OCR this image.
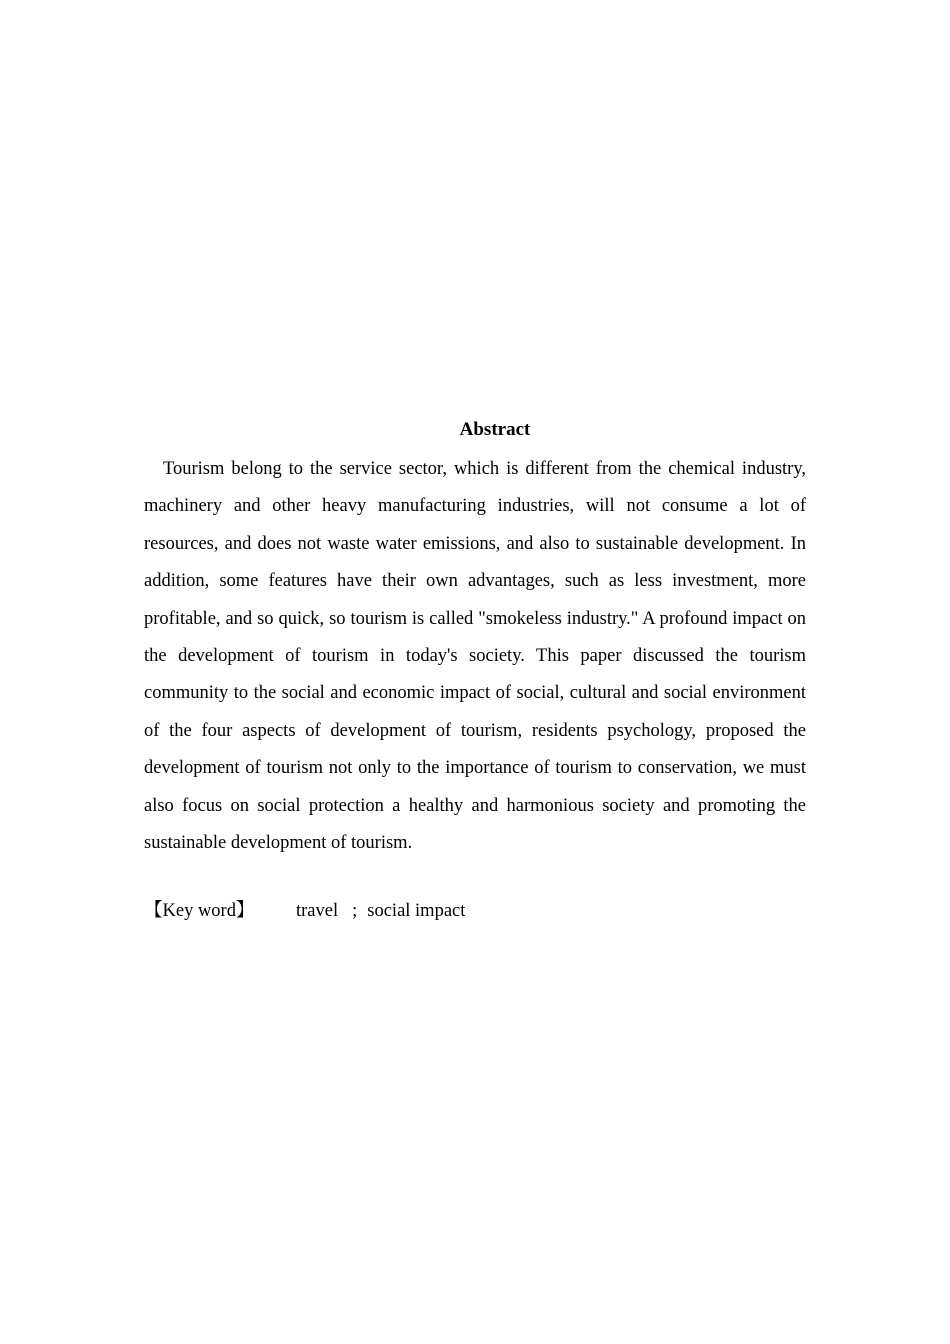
Abstract

Tourism belong to the service sector, which is different from the chemical industry, machinery and other heavy manufacturing industries, will not consume a lot of resources, and does not waste water emissions, and also to sustainable development. In addition, some features have their own advantages, such as less investment, more profitable, and so quick, so tourism is called "smokeless industry." A profound impact on the development of tourism in today's society. This paper discussed the tourism community to the social and economic impact of social, cultural and social environment of the four aspects of development of tourism, residents psychology, proposed the development of tourism not only to the importance of tourism to conservation, we must also focus on social protection a healthy and harmonious society and promoting the sustainable development of tourism.

【Key word】 travel ; social impact
